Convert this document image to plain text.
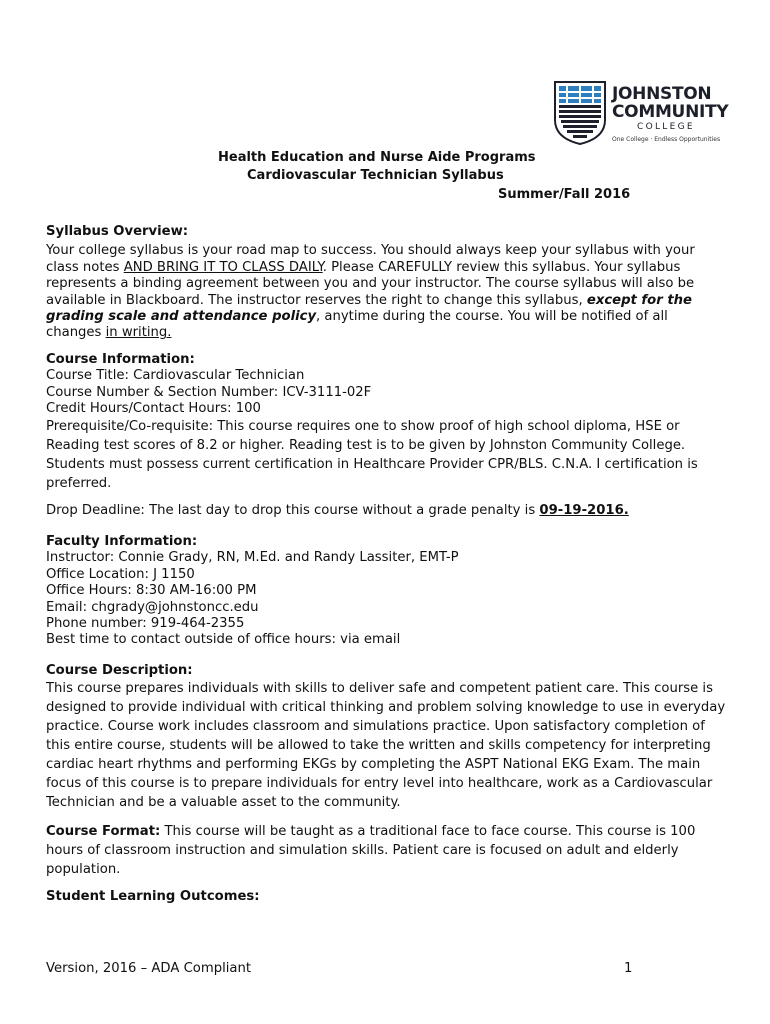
JOHNSTON
COMMUNITY
COLLEGE
One College · Endless Opportunities
Health Education and Nurse Aide Programs
Cardiovascular Technician Syllabus
Summer/Fall 2016

Syllabus Overview:

Your college syllabus is your road map to success. You should always keep your syllabus with your class notes AND BRING IT TO CLASS DAILY. Please CAREFULLY review this syllabus. Your syllabus represents a binding agreement between you and your instructor. The course syllabus will also be available in Blackboard. The instructor reserves the right to change this syllabus, except for the grading scale and attendance policy, anytime during the course. You will be notified of all changes in writing.

Course Information:

Course Title: Cardiovascular Technician

Course Number & Section Number: ICV-3111-02F

Credit Hours/Contact Hours: 100

Prerequisite/Co-requisite: This course requires one to show proof of high school diploma, HSE or Reading test scores of 8.2 or higher. Reading test is to be given by Johnston Community College. Students must possess current certification in Healthcare Provider CPR/BLS. C.N.A. I certification is preferred.

Drop Deadline: The last day to drop this course without a grade penalty is 09-19-2016.

Faculty Information:

Instructor: Connie Grady, RN, M.Ed. and Randy Lassiter, EMT-P

Office Location: J 1150

Office Hours: 8:30 AM-16:00 PM

Email: chgrady@johnstoncc.edu

Phone number: 919-464-2355

Best time to contact outside of office hours: via email

Course Description:

This course prepares individuals with skills to deliver safe and competent patient care. This course is designed to provide individual with critical thinking and problem solving knowledge to use in everyday practice. Course work includes classroom and simulations practice. Upon satisfactory completion of this entire course, students will be allowed to take the written and skills competency for interpreting cardiac heart rhythms and performing EKGs by completing the ASPT National EKG Exam. The main focus of this course is to prepare individuals for entry level into healthcare, work as a Cardiovascular Technician and be a valuable asset to the community.

Course Format: This course will be taught as a traditional face to face course. This course is 100 hours of classroom instruction and simulation skills. Patient care is focused on adult and elderly population.

Student Learning Outcomes:

Version, 2016 – ADA Compliant	1
